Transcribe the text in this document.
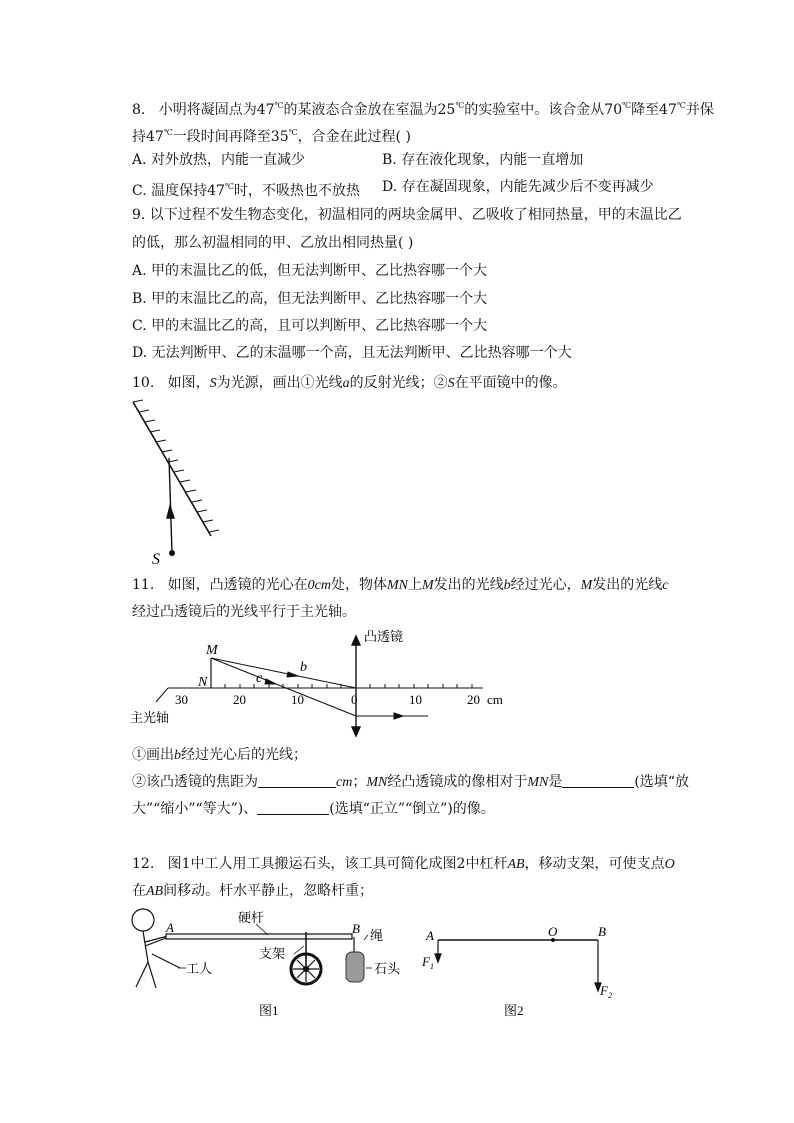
8. 小明将凝固点为47℃的某液态合金放在室温为25℃的实验室中。该合金从70℃降至47℃并保
持47℃一段时间再降至35℃，合金在此过程( )
A. 对外放热，内能一直减少	B. 存在液化现象，内能一直增加
C. 温度保持47℃时，不吸热也不放热 D. 存在凝固现象，内能先减少后不变再减少
9. 以下过程不发生物态变化，初温相同的两块金属甲、乙吸收了相同热量，甲的末温比乙
的低，那么初温相同的甲、乙放出相同热量( )
A. 甲的末温比乙的低，但无法判断甲、乙比热容哪一个大
B. 甲的末温比乙的高，但无法判断甲、乙比热容哪一个大
C. 甲的末温比乙的高，且可以判断甲、乙比热容哪一个大
D. 无法判断甲、乙的末温哪一个高，且无法判断甲、乙比热容哪一个大
10. 如图，S为光源，画出①光线a的反射光线；②S在平面镜中的像。
S
11. 如图，凸透镜的光心在0cm处，物体MN上M发出的光线b经过光心，M发出的光线c
经过凸透镜后的光线平行于主光轴。
30	20	10	0	10	20 cm
主光轴
凸透镜
M
N
b
c
①画出b经过光心后的光线；
②该凸透镜的焦距为	cm；MN经凸透镜成的像相对于MN是	(选填“放
大”“缩小”“等大”)、	(选填“正立”“倒立”)的像。
12. 图1中工人用工具搬运石头，该工具可简化成图2中杠杆AB，移动支架，可使支点O
在AB间移动。杆水平静止，忽略杆重；
A	B
硬杆
绳
支架
工人	石头
图1
A	O	B
$F_1$
$F_2$
图2
